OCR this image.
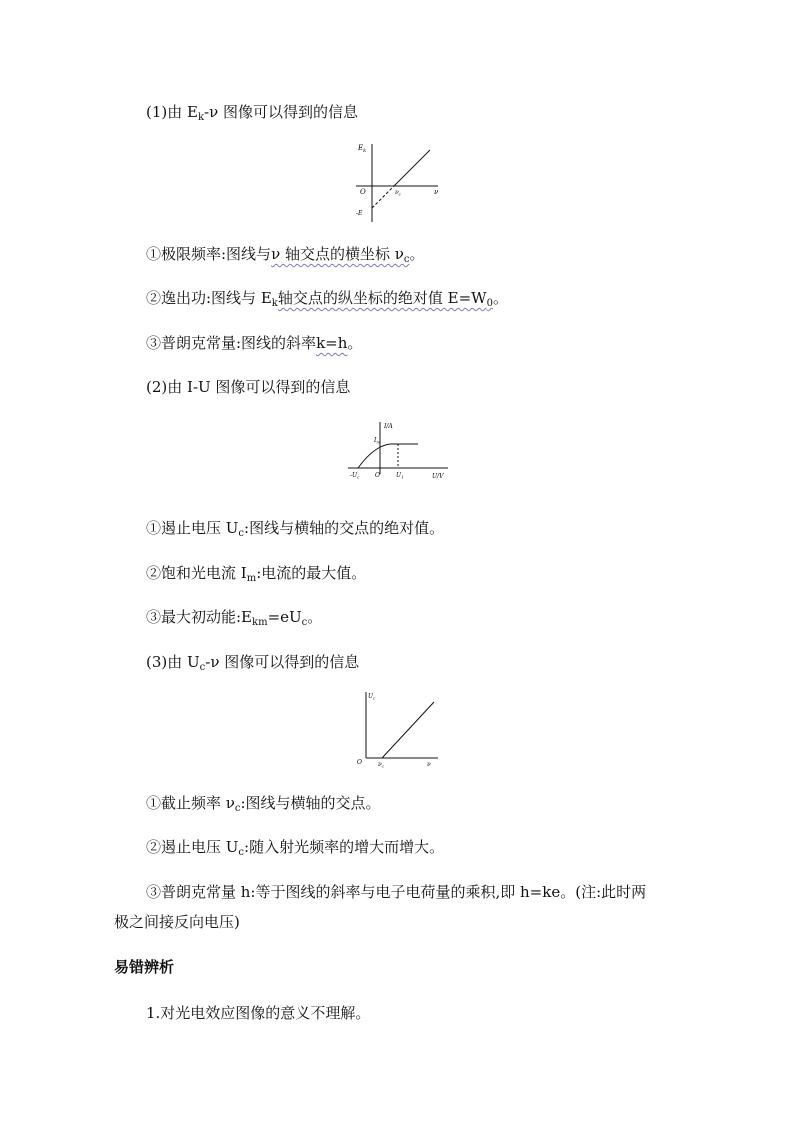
(1)由 $E_k-\nu$ 图像可以得到的信息
$E_k$
O	ν
$\nu_c$
-E
①极限频率:图线与ν 轴交点的横坐标 $\nu_c$。
②逸出功:图线与 $E_k$轴交点的纵坐标的绝对值 $E=W_0$。
③普朗克常量:图线的斜率k=h。
(2)由 I-U 图像可以得到的信息
I/A
$I_m$
$-U_c$	O	$U_1$	U/V
①遏止电压 $U_c$:图线与横轴的交点的绝对值。
②饱和光电流 $I_m$:电流的最大值。
③最大初动能$:E_{km}=eU_c$。
(3)由 $U_c-\nu$ 图像可以得到的信息
$U_c$
O	$\nu_c$	ν
①截止频率 $\nu_c$:图线与横轴的交点。
②遏止电压 $U_c$:随入射光频率的增大而增大。
③普朗克常量 h:等于图线的斜率与电子电荷量的乘积,即 h=ke。(注:此时两
极之间接反向电压)
易错辨析
1.对光电效应图像的意义不理解。
